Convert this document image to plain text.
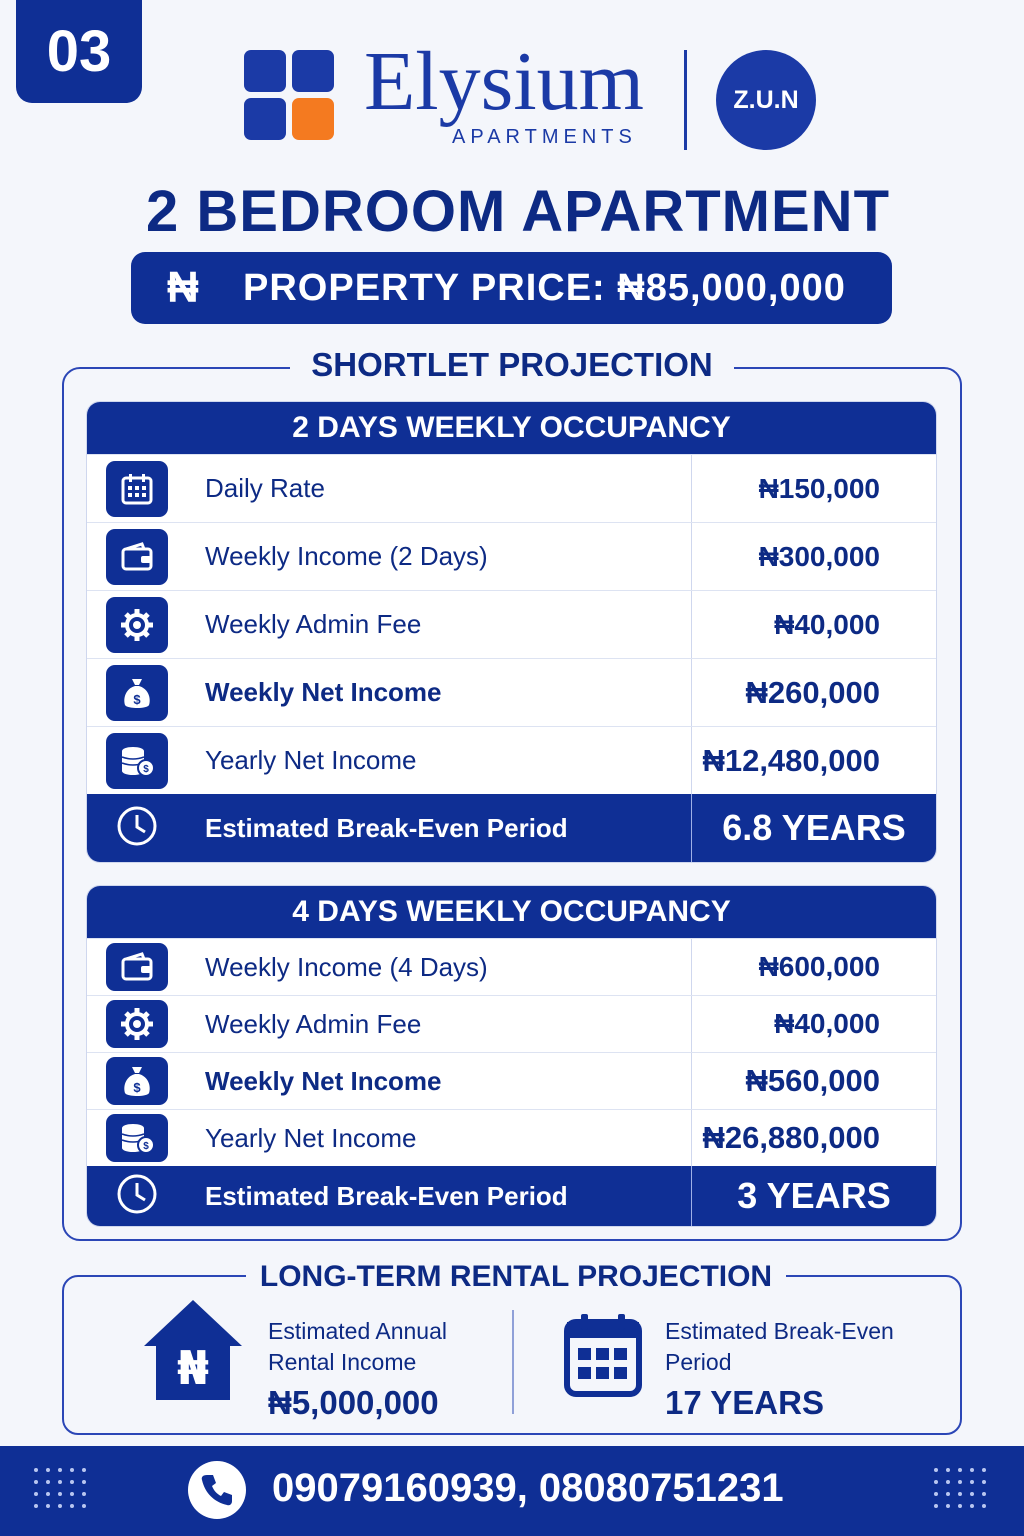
03	Elysium
APARTMENTS
Z.U.N
2 BEDROOM APARTMENT
₦	PROPERTY PRICE: ₦85,000,000
SHORTLET PROJECTION
2 DAYS WEEKLY OCCUPANCY
Daily Rate	₦150,000
Weekly Income (2 Days)	₦300,000
Weekly Admin Fee	₦40,000
$	Weekly Net Income	₦260,000
$	Yearly Net Income	₦12,480,000
Estimated Break-Even Period	6.8 YEARS
4 DAYS WEEKLY OCCUPANCY
Weekly Income (4 Days)	₦600,000
Weekly Admin Fee	₦40,000
$	Weekly Net Income	₦560,000
$	Yearly Net Income	₦26,880,000
Estimated Break-Even Period	3 YEARS
LONG-TERM RENTAL PROJECTION
₦
Estimated Annual
Rental Income
₦5,000,000
Estimated Break-Even
Period
17 YEARS
09079160939, 08080751231
